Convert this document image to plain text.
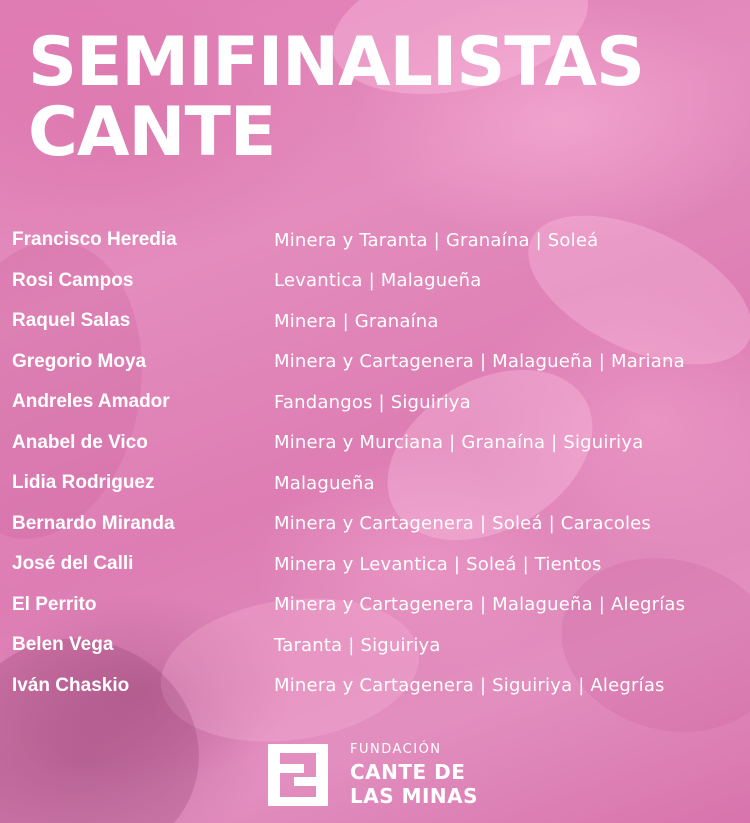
SEMIFINALISTAS
CANTE
Francisco Heredia	Minera y Taranta | Granaína | Soleá
Rosi Campos	Levantica | Malagueña
Raquel Salas	Minera | Granaína
Gregorio Moya	Minera y Cartagenera | Malagueña | Mariana
Andreles Amador	Fandangos | Siguiriya
Anabel de Vico	Minera y Murciana | Granaína | Siguiriya
Lidia Rodriguez	Malagueña
Bernardo Miranda	Minera y Cartagenera | Soleá | Caracoles
José del Calli	Minera y Levantica | Soleá | Tientos
El Perrito	Minera y Cartagenera | Malagueña | Alegrías
Belen Vega	Taranta | Siguiriya
Iván Chaskio	Minera y Cartagenera | Siguiriya | Alegrías
FUNDACIÓN
CANTE DE
LAS MINAS
